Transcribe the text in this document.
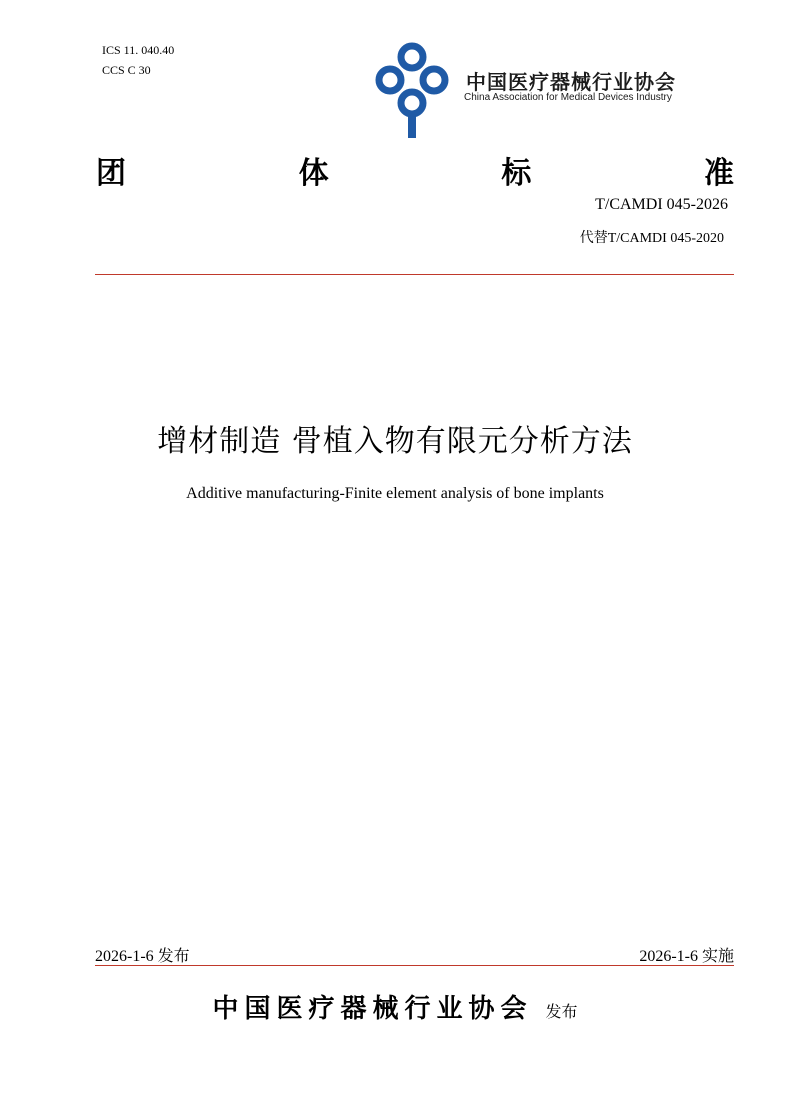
ICS 11. 040.40
CCS C 30	中国医疗器械行业协会
China Association for Medical Devices Industry
团	体	标	准
T/CAMDI 045-2026
代替T/CAMDI 045-2020
增材制造 骨植入物有限元分析方法
Additive manufacturing-Finite element analysis of bone implants
2026-1-6 发布	2026-1-6 实施
中国医疗器械行业协会 发布
